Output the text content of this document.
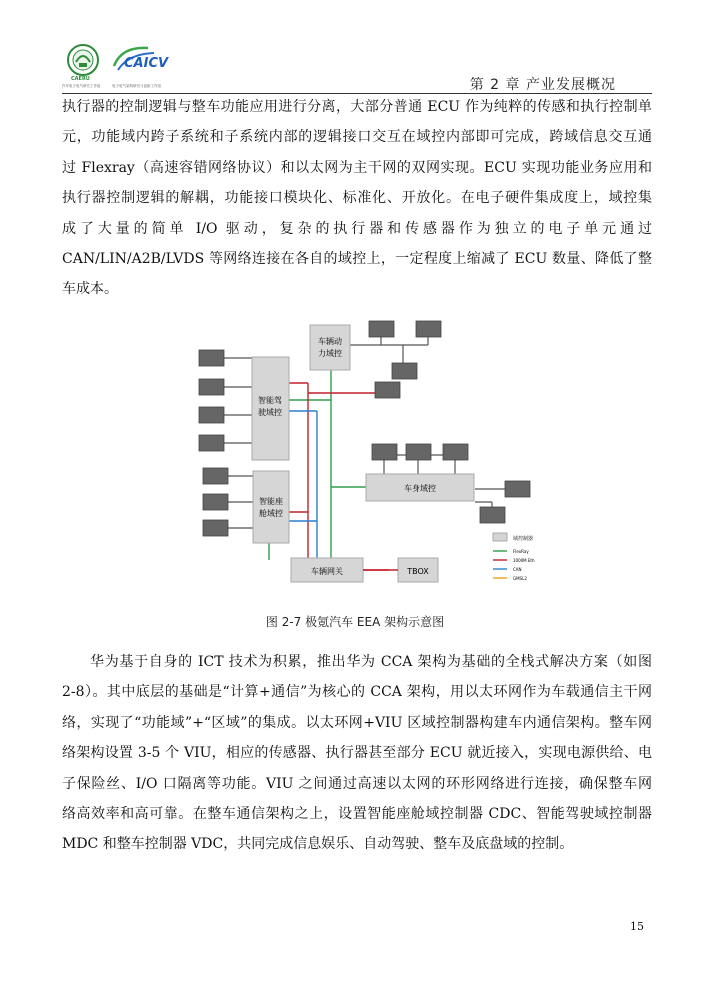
CAERU
CAICV
汽车电子电气研究工作组	电子电气架构研究与创新工作组	第 2 章 产业发展概况
执行器的控制逻辑与整车功能应用进行分离，大部分普通 ECU 作为纯粹的传感和执行控制单
元，功能域内跨子系统和子系统内部的逻辑接口交互在域控内部即可完成，跨域信息交互通
过 Flexray（高速容错网络协议）和以太网为主干网的双网实现。ECU 实现功能业务应用和
执行器控制逻辑的解耦，功能接口模块化、标准化、开放化。在电子硬件集成度上，域控集
成了大量的简单 I/O 驱动，复杂的执行器和传感器作为独立的电子单元通过
CAN/LIN/A2B/LVDS 等网络连接在各自的域控上，一定程度上缩减了 ECU 数量、降低了整
车成本。
车辆动
力域控
智能驾
驶域控
智能座
舱域控
车身域控
车辆网关	TBOX
域控制器
FlexRay
1000M Eth
CAN
GMSL2
图 2-7 极氪汽车 EEA 架构示意图
华为基于自身的 ICT 技术为积累，推出华为 CCA 架构为基础的全栈式解决方案（如图
2-8）。其中底层的基础是“计算+通信”为核心的 CCA 架构，用以太环网作为车载通信主干网
络，实现了“功能域”+“区域”的集成。以太环网+VIU 区域控制器构建车内通信架构。整车网
络架构设置 3-5 个 VIU，相应的传感器、执行器甚至部分 ECU 就近接入，实现电源供给、电
子保险丝、I/O 口隔离等功能。VIU 之间通过高速以太网的环形网络进行连接，确保整车网
络高效率和高可靠。在整车通信架构之上，设置智能座舱域控制器 CDC、智能驾驶域控制器
MDC 和整车控制器 VDC，共同完成信息娱乐、自动驾驶、整车及底盘域的控制。
15
